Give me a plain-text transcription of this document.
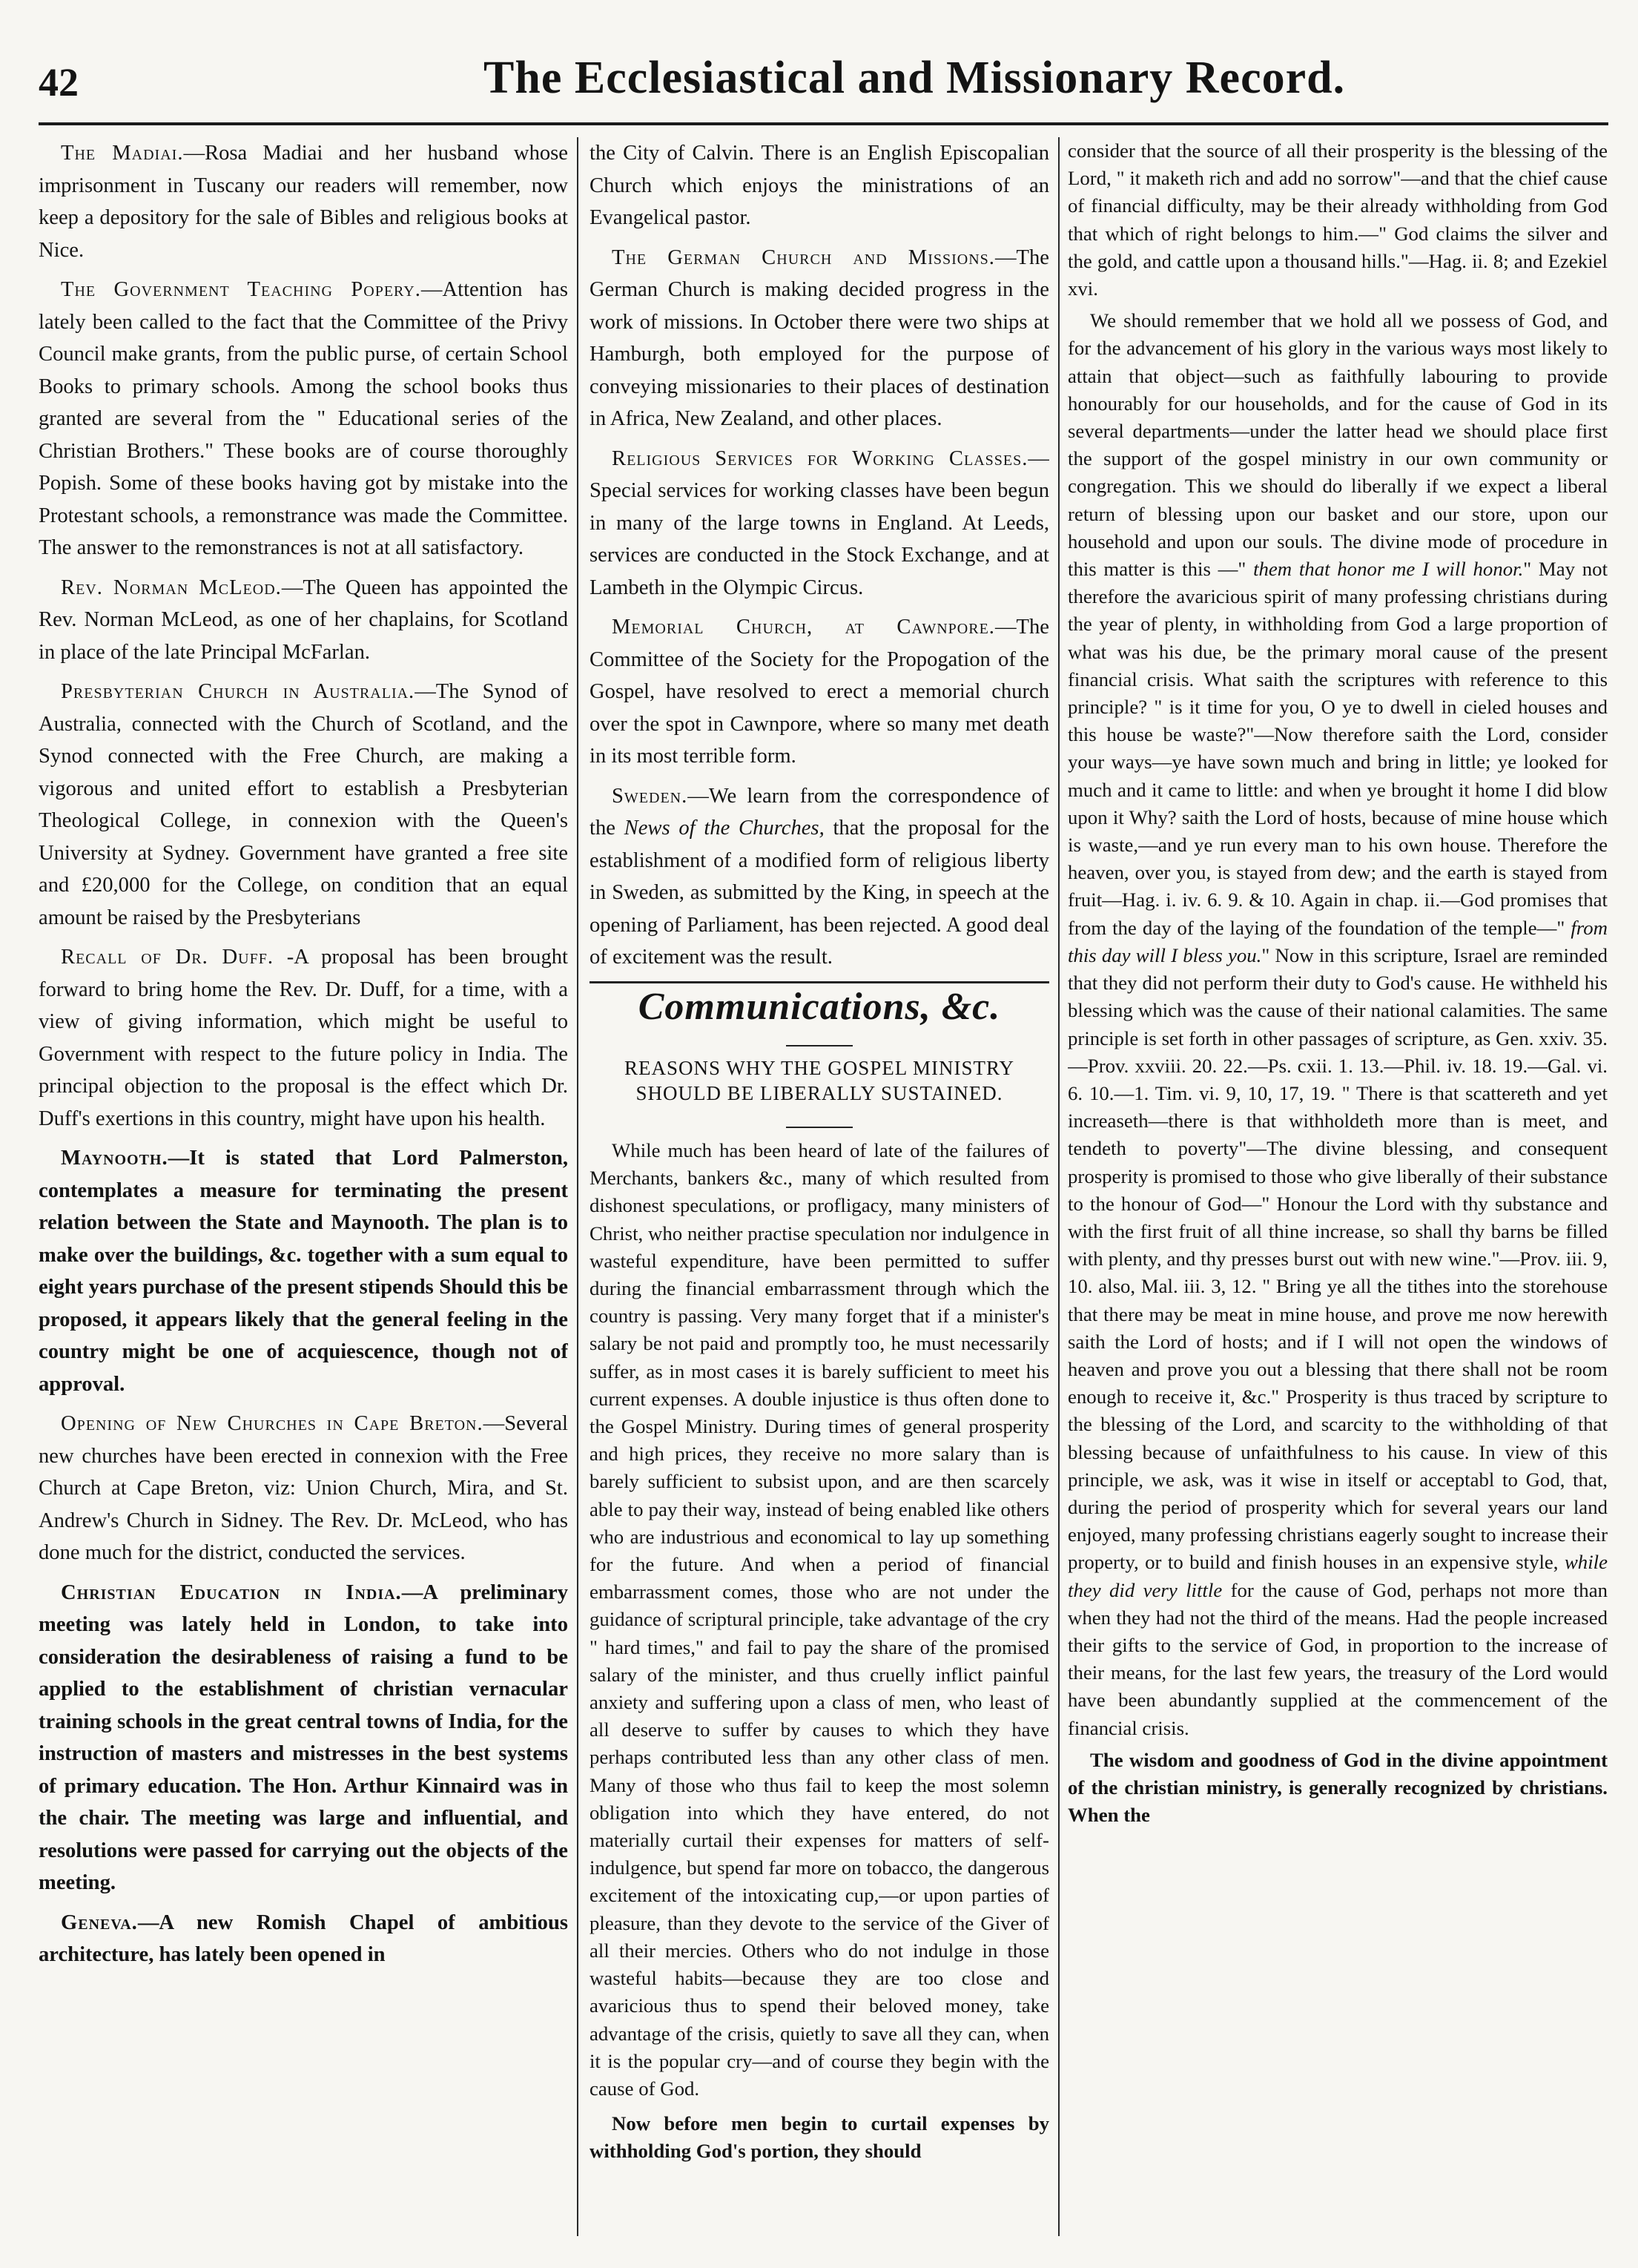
42	The Ecclesiastical and Missionary Record.

The Madiai.—Rosa Madiai and her husband whose imprisonment in Tuscany our readers will remember, now keep a depository for the sale of Bibles and religious books at Nice.

The Government Teaching Popery.—Attention has lately been called to the fact that the Committee of the Privy Council make grants, from the public purse, of certain School Books to primary schools. Among the school books thus granted are several from the " Educational series of the Christian Brothers." These books are of course thoroughly Popish. Some of these books having got by mistake into the Protestant schools, a remonstrance was made the Committee. The answer to the remonstrances is not at all satisfactory.

Rev. Norman McLeod.—The Queen has appointed the Rev. Norman McLeod, as one of her chaplains, for Scotland in place of the late Principal McFarlan.

Presbyterian Church in Australia.—The Synod of Australia, connected with the Church of Scotland, and the Synod connected with the Free Church, are making a vigorous and united effort to establish a Presbyterian Theological College, in connexion with the Queen's University at Sydney. Government have granted a free site and £20,000 for the College, on condition that an equal amount be raised by the Presbyterians

Recall of Dr. Duff. -A proposal has been brought forward to bring home the Rev. Dr. Duff, for a time, with a view of giving information, which might be useful to Government with respect to the future policy in India. The principal objection to the proposal is the effect which Dr. Duff's exertions in this country, might have upon his health.

Maynooth.—It is stated that Lord Palmerston, contemplates a measure for terminating the present relation between the State and Maynooth. The plan is to make over the buildings, &c. together with a sum equal to eight years purchase of the present stipends Should this be proposed, it appears likely that the general feeling in the country might be one of acquiescence, though not of approval.

Opening of New Churches in Cape Breton.—Several new churches have been erected in connexion with the Free Church at Cape Breton, viz: Union Church, Mira, and St. Andrew's Church in Sidney. The Rev. Dr. McLeod, who has done much for the district, conducted the services.

Christian Education in India.—A preliminary meeting was lately held in London, to take into consideration the desirableness of raising a fund to be applied to the establishment of christian vernacular training schools in the great central towns of India, for the instruction of masters and mistresses in the best systems of primary education. The Hon. Arthur Kinnaird was in the chair. The meeting was large and influential, and resolutions were passed for carrying out the objects of the meeting.

Geneva.—A new Romish Chapel of ambitious architecture, has lately been opened in

the City of Calvin. There is an English Episcopalian Church which enjoys the ministrations of an Evangelical pastor.

The German Church and Missions.—The German Church is making decided progress in the work of missions. In October there were two ships at Hamburgh, both employed for the purpose of conveying missionaries to their places of destination in Africa, New Zealand, and other places.

Religious Services for Working Classes.—Special services for working classes have been begun in many of the large towns in England. At Leeds, services are conducted in the Stock Exchange, and at Lambeth in the Olympic Circus.

Memorial Church, at Cawnpore.—The Committee of the Society for the Propogation of the Gospel, have resolved to erect a memorial church over the spot in Cawnpore, where so many met death in its most terrible form.

Sweden.—We learn from the correspondence of the News of the Churches, that the proposal for the establishment of a modified form of religious liberty in Sweden, as submitted by the King, in speech at the opening of Parliament, has been rejected. A good deal of excitement was the result.

Communications, &c.
REASONS WHY THE GOSPEL MINISTRY SHOULD BE LIBERALLY SUSTAINED.

While much has been heard of late of the failures of Merchants, bankers &c., many of which resulted from dishonest speculations, or profligacy, many ministers of Christ, who neither practise speculation nor indulgence in wasteful expenditure, have been permitted to suffer during the financial embarrassment through which the country is passing. Very many forget that if a minister's salary be not paid and promptly too, he must necessarily suffer, as in most cases it is barely sufficient to meet his current expenses. A double injustice is thus often done to the Gospel Ministry. During times of general prosperity and high prices, they receive no more salary than is barely sufficient to subsist upon, and are then scarcely able to pay their way, instead of being enabled like others who are industrious and economical to lay up something for the future. And when a period of financial embarrassment comes, those who are not under the guidance of scriptural principle, take advantage of the cry " hard times," and fail to pay the share of the promised salary of the minister, and thus cruelly inflict painful anxiety and suffering upon a class of men, who least of all deserve to suffer by causes to which they have perhaps contributed less than any other class of men. Many of those who thus fail to keep the most solemn obligation into which they have entered, do not materially curtail their expenses for matters of self-indulgence, but spend far more on tobacco, the dangerous excitement of the intoxicating cup,—or upon parties of pleasure, than they devote to the service of the Giver of all their mercies. Others who do not indulge in those wasteful habits—because they are too close and avaricious thus to spend their beloved money, take advantage of the crisis, quietly to save all they can, when it is the popular cry—and of course they begin with the cause of God.

Now before men begin to curtail expenses by withholding God's portion, they should

consider that the source of all their prosperity is the blessing of the Lord, " it maketh rich and add no sorrow"—and that the chief cause of financial difficulty, may be their already withholding from God that which of right belongs to him.—" God claims the silver and the gold, and cattle upon a thousand hills."—Hag. ii. 8; and Ezekiel xvi.

We should remember that we hold all we possess of God, and for the advancement of his glory in the various ways most likely to attain that object—such as faithfully labouring to provide honourably for our households, and for the cause of God in its several departments—under the latter head we should place first the support of the gospel ministry in our own community or congregation. This we should do liberally if we expect a liberal return of blessing upon our basket and our store, upon our household and upon our souls. The divine mode of procedure in this matter is this —" them that honor me I will honor." May not therefore the avaricious spirit of many professing christians during the year of plenty, in withholding from God a large proportion of what was his due, be the primary moral cause of the present financial crisis. What saith the scriptures with reference to this principle? " is it time for you, O ye to dwell in cieled houses and this house be waste?"—Now therefore saith the Lord, consider your ways—ye have sown much and bring in little; ye looked for much and it came to little: and when ye brought it home I did blow upon it Why? saith the Lord of hosts, because of mine house which is waste,—and ye run every man to his own house. Therefore the heaven, over you, is stayed from dew; and the earth is stayed from fruit—Hag. i. iv. 6. 9. & 10. Again in chap. ii.—God promises that from the day of the laying of the foundation of the temple—" from this day will I bless you." Now in this scripture, Israel are reminded that they did not perform their duty to God's cause. He withheld his blessing which was the cause of their national calamities. The same principle is set forth in other passages of scripture, as Gen. xxiv. 35.—Prov. xxviii. 20. 22.—Ps. cxii. 1. 13.—Phil. iv. 18. 19.—Gal. vi. 6. 10.—1. Tim. vi. 9, 10, 17, 19. " There is that scattereth and yet increaseth—there is that withholdeth more than is meet, and tendeth to poverty"—The divine blessing, and consequent prosperity is promised to those who give liberally of their substance to the honour of God—" Honour the Lord with thy substance and with the first fruit of all thine increase, so shall thy barns be filled with plenty, and thy presses burst out with new wine."—Prov. iii. 9, 10. also, Mal. iii. 3, 12. " Bring ye all the tithes into the storehouse that there may be meat in mine house, and prove me now herewith saith the Lord of hosts; and if I will not open the windows of heaven and prove you out a blessing that there shall not be room enough to receive it, &c." Prosperity is thus traced by scripture to the blessing of the Lord, and scarcity to the withholding of that blessing because of unfaithfulness to his cause. In view of this principle, we ask, was it wise in itself or acceptabl to God, that, during the period of prosperity which for several years our land enjoyed, many professing christians eagerly sought to increase their property, or to build and finish houses in an expensive style, while they did very little for the cause of God, perhaps not more than when they had not the third of the means. Had the people increased their gifts to the service of God, in proportion to the increase of their means, for the last few years, the treasury of the Lord would have been abundantly supplied at the commencement of the financial crisis.

The wisdom and goodness of God in the divine appointment of the christian ministry, is generally recognized by christians. When the
